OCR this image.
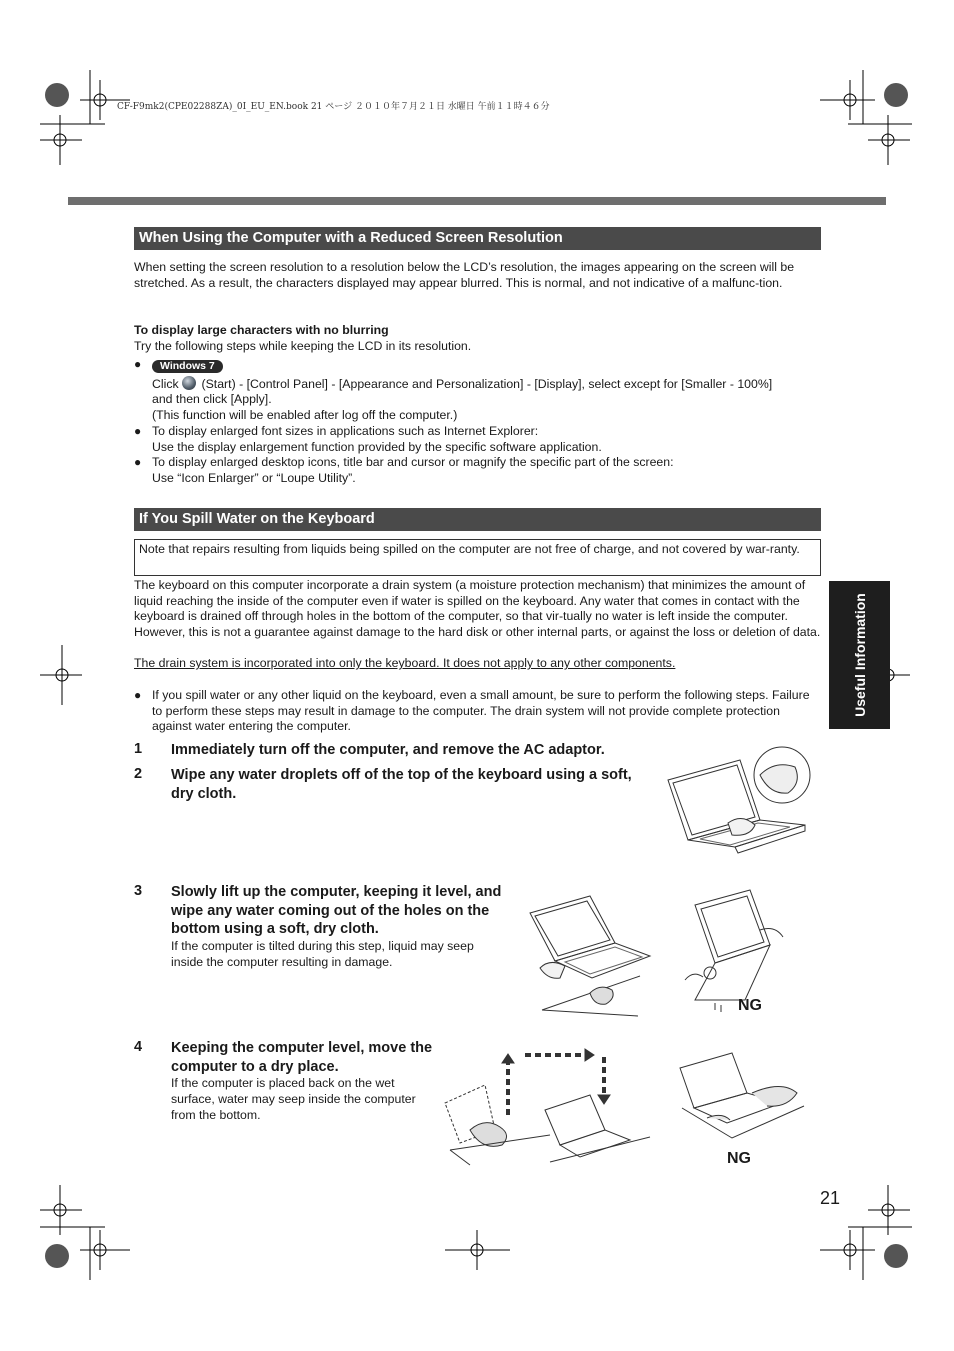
CF-F9mk2(CPE02288ZA)_0I_EU_EN.book 21 ページ ２０１０年７月２１日 水曜日 午前１１時４６分
When Using the Computer with a Reduced Screen Resolution
When setting the screen resolution to a resolution below the LCD’s resolution, the images appearing on the screen will be stretched. As a result, the characters displayed may appear blurred. This is normal, and not indicative of a malfunc-tion.
To display large characters with no blurring
Try the following steps while keeping the LCD in its resolution.
●	Windows 7
Click (Start) - [Control Panel] - [Appearance and Personalization] - [Display], select except for [Smaller - 100%]
and then click [Apply].
(This function will be enabled after log off the computer.)
● To display enlarged font sizes in applications such as Internet Explorer:
Use the display enlargement function provided by the specific software application.
● To display enlarged desktop icons, title bar and cursor or magnify the specific part of the screen:
Use “Icon Enlarger” or “Loupe Utility”.
If You Spill Water on the Keyboard
Note that repairs resulting from liquids being spilled on the computer are not free of charge, and not covered by war-ranty.
The keyboard on this computer incorporate a drain system (a moisture protection mechanism) that minimizes the amount of liquid reaching the inside of the computer even if water is spilled on the keyboard. Any water that comes in contact with the keyboard is drained off through holes in the bottom of the computer, so that vir-tually no water is left inside the computer. However, this is not a guarantee against damage to the hard disk or other internal parts, or against the loss or deletion of data.
The drain system is incorporated into only the keyboard. It does not apply to any other components.
● If you spill water or any other liquid on the keyboard, even a small amount, be sure to perform the following steps. Failure to perform these steps may result in damage to the computer. The drain system will not provide complete protection against water entering the computer.
1 Immediately turn off the computer, and remove the AC adaptor.
2 Wipe any water droplets off of the top of the keyboard using a soft, dry cloth.
3 Slowly lift up the computer, keeping it level, and wipe any water coming out of the holes on the bottom using a soft, dry cloth.
If the computer is tilted during this step, liquid may seep inside the computer resulting in damage.
4 Keeping the computer level, move the computer to a dry place.
If the computer is placed back on the wet surface, water may seep inside the computer from the bottom.
NG
NG
Useful Information
21
